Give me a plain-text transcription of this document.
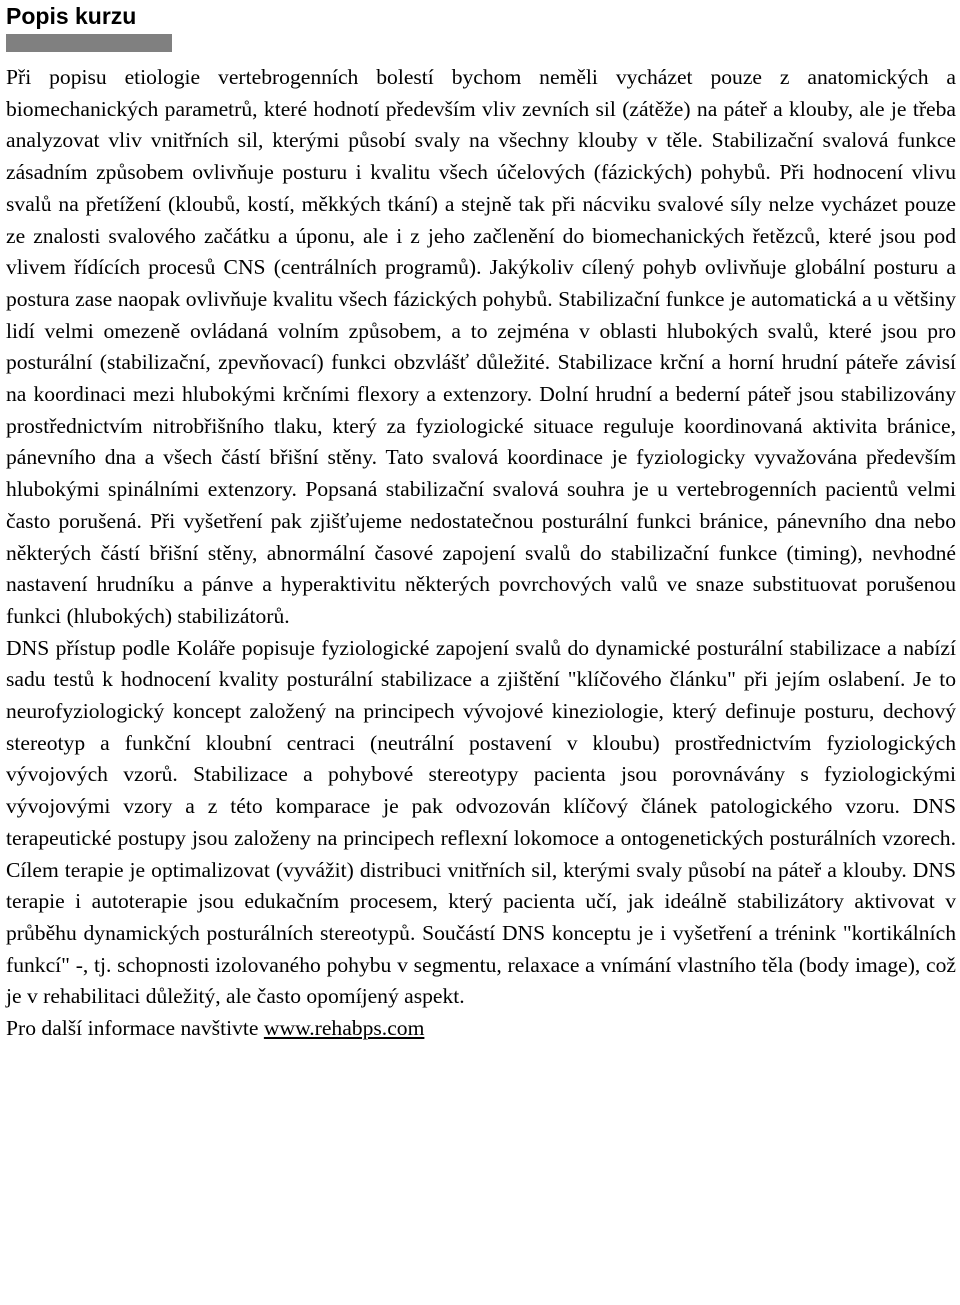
Popis kurzu

Při popisu etiologie vertebrogenních bolestí bychom neměli vycházet pouze z anatomických a biomechanických parametrů, které hodnotí především vliv zevních sil (zátěže) na páteř a klouby, ale je třeba analyzovat vliv vnitřních sil, kterými působí svaly na všechny klouby v těle. Stabilizační svalová funkce zásadním způsobem ovlivňuje posturu i kvalitu všech účelových (fázických) pohybů. Při hodnocení vlivu svalů na přetížení (kloubů, kostí, měkkých tkání) a stejně tak při nácviku svalové síly nelze vycházet pouze ze znalosti svalového začátku a úponu, ale i z jeho začlenění do biomechanických řetězců, které jsou pod vlivem řídících procesů CNS (centrálních programů). Jakýkoliv cílený pohyb ovlivňuje globální posturu a postura zase naopak ovlivňuje kvalitu všech fázických pohybů. Stabilizační funkce je automatická a u většiny lidí velmi omezeně ovládaná volním způsobem, a to zejména v oblasti hlubokých svalů, které jsou pro posturální (stabilizační, zpevňovací) funkci obzvlášť důležité. Stabilizace krční a horní hrudní páteře závisí na koordinaci mezi hlubokými krčními flexory a extenzory. Dolní hrudní a bederní páteř jsou stabilizovány prostřednictvím nitrobřišního tlaku, který za fyziologické situace reguluje koordinovaná aktivita bránice, pánevního dna a všech částí břišní stěny. Tato svalová koordinace je fyziologicky vyvažována především hlubokými spinálními extenzory. Popsaná stabilizační svalová souhra je u vertebrogenních pacientů velmi často porušená. Při vyšetření pak zjišťujeme nedostatečnou posturální funkci bránice, pánevního dna nebo některých částí břišní stěny, abnormální časové zapojení svalů do stabilizační funkce (timing), nevhodné nastavení hrudníku a pánve a hyperaktivitu některých povrchových valů ve snaze substituovat porušenou funkci (hlubokých) stabilizátorů.

DNS přístup podle Koláře popisuje fyziologické zapojení svalů do dynamické posturální stabilizace a nabízí sadu testů k hodnocení kvality posturální stabilizace a zjištění "klíčového článku" při jejím oslabení. Je to neurofyziologický koncept založený na principech vývojové kineziologie, který definuje posturu, dechový stereotyp a funkční kloubní centraci (neutrální postavení v kloubu) prostřednictvím fyziologických vývojových vzorů. Stabilizace a pohybové stereotypy pacienta jsou porovnávány s fyziologickými vývojovými vzory a z této komparace je pak odvozován klíčový článek patologického vzoru. DNS terapeutické postupy jsou založeny na principech reflexní lokomoce a ontogenetických posturálních vzorech. Cílem terapie je optimalizovat (vyvážit) distribuci vnitřních sil, kterými svaly působí na páteř a klouby. DNS terapie i autoterapie jsou edukačním procesem, který pacienta učí, jak ideálně stabilizátory aktivovat v průběhu dynamických posturálních stereotypů. Součástí DNS konceptu je i vyšetření a trénink "kortikálních funkcí" -, tj. schopnosti izolovaného pohybu v segmentu, relaxace a vnímání vlastního těla (body image), což je v rehabilitaci důležitý, ale často opomíjený aspekt.

Pro další informace navštivte www.rehabps.com
